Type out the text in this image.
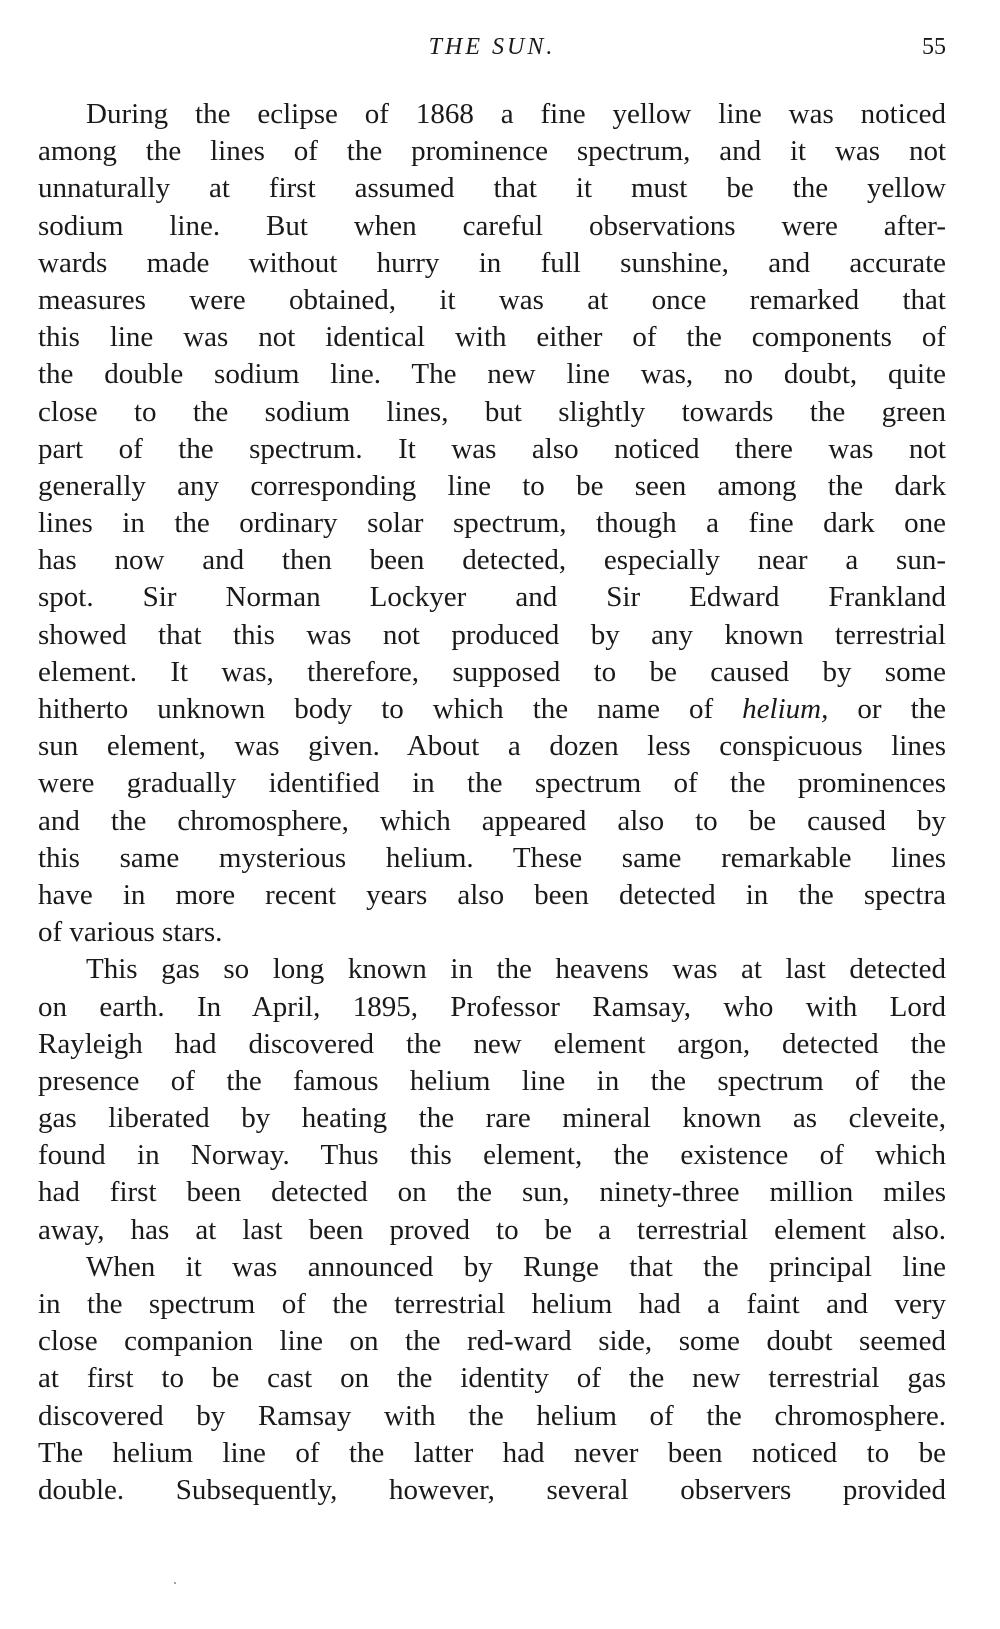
THE SUN.	55
During the eclipse of 1868 a fine yellow line was noticed
among the lines of the prominence spectrum, and it was not
unnaturally at first assumed that it must be the yellow
sodium line. But when careful observations were after-
wards made without hurry in full sunshine, and accurate
measures were obtained, it was at once remarked that
this line was not identical with either of the components of
the double sodium line. The new line was, no doubt, quite
close to the sodium lines, but slightly towards the green
part of the spectrum. It was also noticed there was not
generally any corresponding line to be seen among the dark
lines in the ordinary solar spectrum, though a fine dark one
has now and then been detected, especially near a sun-
spot. Sir Norman Lockyer and Sir Edward Frankland
showed that this was not produced by any known terrestrial
element. It was, therefore, supposed to be caused by some
hitherto unknown body to which the name of helium, or the
sun element, was given. About a dozen less conspicuous lines
were gradually identified in the spectrum of the prominences
and the chromosphere, which appeared also to be caused by
this same mysterious helium. These same remarkable lines
have in more recent years also been detected in the spectra
of various stars.
This gas so long known in the heavens was at last detected
on earth. In April, 1895, Professor Ramsay, who with Lord
Rayleigh had discovered the new element argon, detected the
presence of the famous helium line in the spectrum of the
gas liberated by heating the rare mineral known as cleveite,
found in Norway. Thus this element, the existence of which
had first been detected on the sun, ninety-three million miles
away, has at last been proved to be a terrestrial element also.
When it was announced by Runge that the principal line
in the spectrum of the terrestrial helium had a faint and very
close companion line on the red-ward side, some doubt seemed
at first to be cast on the identity of the new terrestrial gas
discovered by Ramsay with the helium of the chromosphere.
The helium line of the latter had never been noticed to be
double. Subsequently, however, several observers provided
